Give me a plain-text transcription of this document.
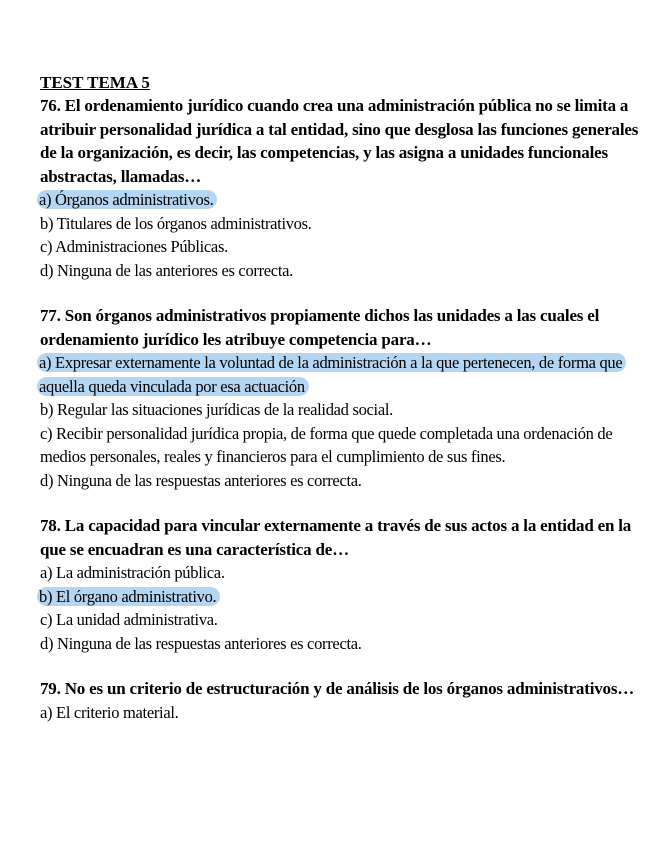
TEST TEMA 5

76. El ordenamiento jurídico cuando crea una administración pública no se limita a atribuir personalidad jurídica a tal entidad, sino que desglosa las funciones generales de la organización, es decir, las competencias, y las asigna a unidades funcionales abstractas, llamadas…
a) Órganos administrativos.
b) Titulares de los órganos administrativos.
c) Administraciones Públicas.
d) Ninguna de las anteriores es correcta.
77. Son órganos administrativos propiamente dichos las unidades a las cuales el ordenamiento jurídico les atribuye competencia para…
a) Expresar externamente la voluntad de la administración a la que pertenecen, de forma que aquella queda vinculada por esa actuación
b) Regular las situaciones jurídicas de la realidad social.
c) Recibir personalidad jurídica propia, de forma que quede completada una ordenación de medios personales, reales y financieros para el cumplimiento de sus fines.
d) Ninguna de las respuestas anteriores es correcta.
78. La capacidad para vincular externamente a través de sus actos a la entidad en la que se encuadran es una característica de…
a) La administración pública.
b) El órgano administrativo.
c) La unidad administrativa.
d) Ninguna de las respuestas anteriores es correcta.
79. No es un criterio de estructuración y de análisis de los órganos administrativos…
a) El criterio material.
